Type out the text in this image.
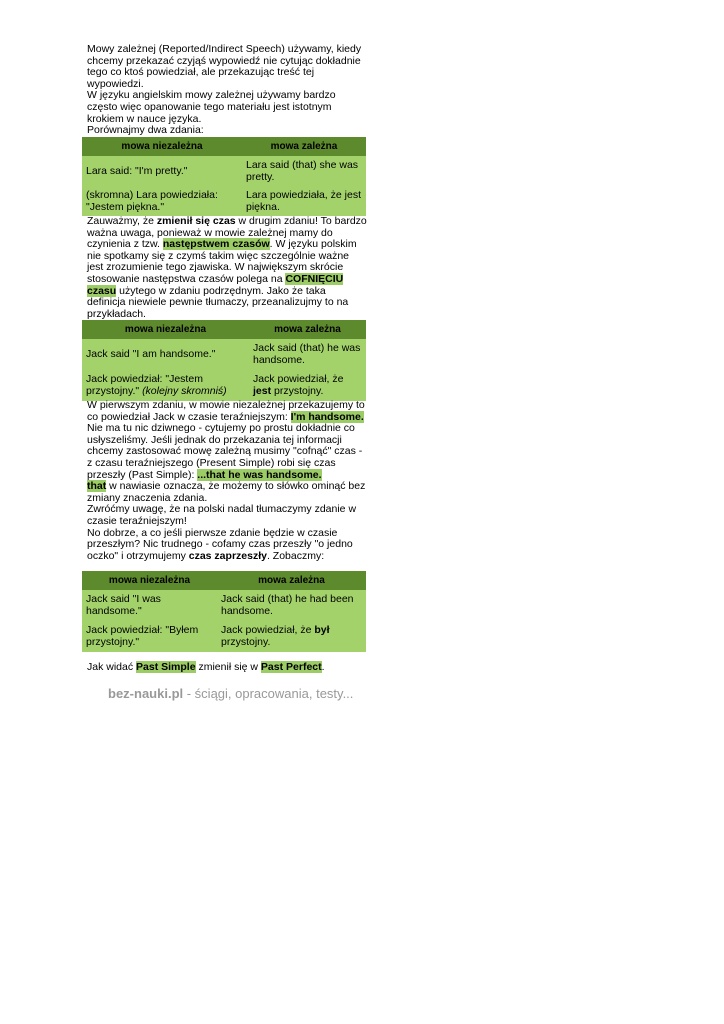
Mowy zależnej (Reported/Indirect Speech) używamy, kiedy chcemy przekazać czyjąś wypowiedź nie cytując dokładnie tego co ktoś powiedział, ale przekazując treść tej wypowiedzi.

W języku angielskim mowy zależnej używamy bardzo często więc opanowanie tego materiału jest istotnym krokiem w nauce języka.

Porównajmy dwa zdania:

mowa niezależna	mowa zależna
Lara said: "I'm pretty."	Lara said (that) she was pretty.
(skromna) Lara powiedziała: "Jestem piękna."	Lara powiedziała, że jest piękna.

Zauważmy, że zmienił się czas w drugim zdaniu! To bardzo ważna uwaga, ponieważ w mowie zależnej mamy do czynienia z tzw. następstwem czasów. W języku polskim nie spotkamy się z czymś takim więc szczególnie ważne jest zrozumienie tego zjawiska. W największym skrócie stosowanie następstwa czasów polega na COFNIĘCIU czasu użytego w zdaniu podrzędnym. Jako że taka definicja niewiele pewnie tłumaczy, przeanalizujmy to na przykładach.

mowa niezależna	mowa zależna
Jack said "I am handsome."	Jack said (that) he was handsome.
Jack powiedział: "Jestem przystojny." (kolejny skromniś)	Jack powiedział, że jest przystojny.

W pierwszym zdaniu, w mowie niezależnej przekazujemy to co powiedział Jack w czasie teraźniejszym: I'm handsome. Nie ma tu nic dziwnego - cytujemy po prostu dokładnie co usłyszeliśmy. Jeśli jednak do przekazania tej informacji chcemy zastosować mowę zależną musimy "cofnąć" czas - z czasu teraźniejszego (Present Simple) robi się czas przeszły (Past Simple): ...that he was handsome.

that w nawiasie oznacza, że możemy to słówko ominąć bez zmiany znaczenia zdania.

Zwróćmy uwagę, że na polski nadal tłumaczymy zdanie w czasie teraźniejszym!

No dobrze, a co jeśli pierwsze zdanie będzie w czasie przeszłym? Nic trudnego - cofamy czas przeszły "o jedno oczko" i otrzymujemy czas zaprzeszły. Zobaczmy:

mowa niezależna	mowa zależna
Jack said "I was handsome."	Jack said (that) he had been handsome.
Jack powiedział: "Byłem przystojny."	Jack powiedział, że był przystojny.

Jak widać Past Simple zmienił się w Past Perfect.

bez-nauki.pl - ściągi, opracowania, testy...
